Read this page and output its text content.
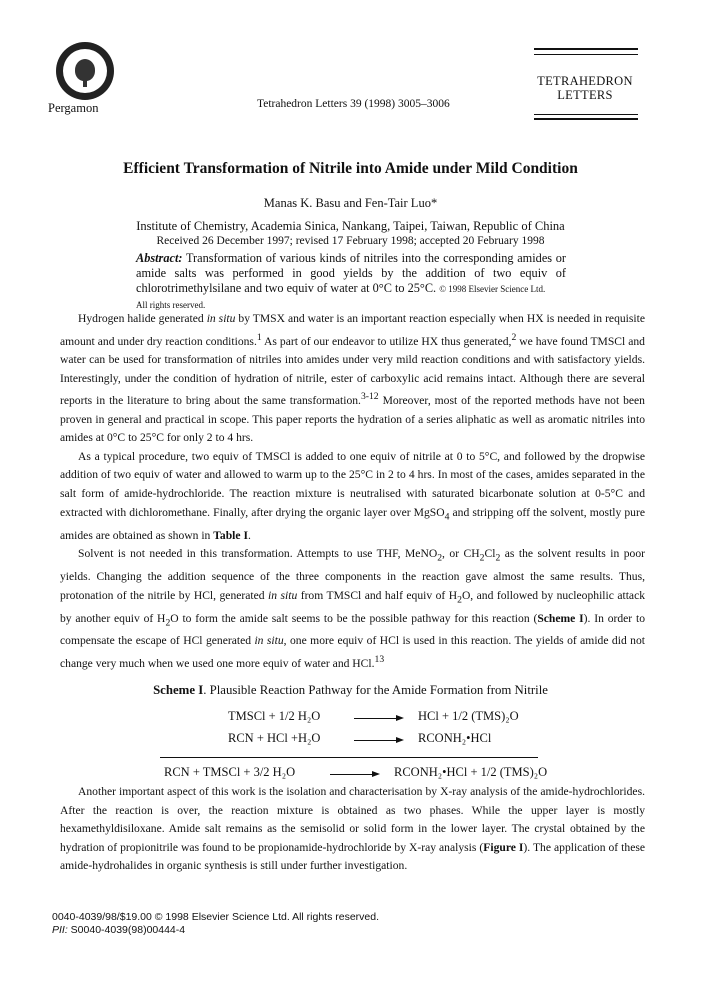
Pergamon	Tetrahedron Letters 39 (1998) 3005–3006
TETRAHEDRON
LETTERS
Efficient Transformation of Nitrile into Amide under Mild Condition
Manas K. Basu and Fen-Tair Luo*
Institute of Chemistry, Academia Sinica, Nankang, Taipei, Taiwan, Republic of China
Received 26 December 1997; revised 17 February 1998; accepted 20 February 1998
Abstract: Transformation of various kinds of nitriles into the corresponding amides or amide salts was performed in good yields by the addition of two equiv of chlorotrimethylsilane and two equiv of water at 0°C to 25°C. © 1998 Elsevier Science Ltd.
All rights reserved.

Hydrogen halide generated in situ by TMSX and water is an important reaction especially when HX is needed in requisite amount and under dry reaction conditions.$^1$ As part of our endeavor to utilize HX thus generated,$^2$ we have found TMSCl and water can be used for transformation of nitriles into amides under very mild reaction conditions and with satisfactory yields. Interestingly, under the condition of hydration of nitrile, ester of carboxylic acid remains intact. Although there are several reports in the literature to bring about the same transformation.$^{3-12}$ Moreover, most of the reported methods have not been proven in general and practical in scope. This paper reports the hydration of a series aliphatic as well as aromatic nitriles into amides at 0°C to 25°C for only 2 to 4 hrs.

As a typical procedure, two equiv of TMSCl is added to one equiv of nitrile at 0 to 5°C, and followed by the dropwise addition of two equiv of water and allowed to warm up to the 25°C in 2 to 4 hrs. In most of the cases, amides separated in the salt form of amide-hydrochloride. The reaction mixture is neutralised with saturated bicarbonate solution at 0-5°C and extracted with dichloromethane. Finally, after drying the organic layer over MgSO$_4$ and stripping off the solvent, mostly pure amides are obtained as shown in Table I.

Solvent is not needed in this transformation. Attempts to use THF, MeNO$_2$, or $CH_2Cl_2$ as the solvent results in poor yields. Changing the addition sequence of the three components in the reaction gave almost the same results. Thus, protonation of the nitrile by HCl, generated in situ from TMSCl and half equiv of $H_2O$, and followed by nucleophilic attack by another equiv of $H_2O$ to form the amide salt seems to be the possible pathway for this reaction (Scheme I). In order to compensate the escape of HCl generated in situ, one more equiv of HCl is used in this reaction. The yields of amide did not change very much when we used one more equiv of water and HCl.$^{13}$

Scheme I. Plausible Reaction Pathway for the Amide Formation from Nitrile
TMSCl + 1/2 H₂O	HCl + 1/2 (TMS)₂O
RCN + HCl +H₂O	RCONH₂•HCl
RCN + TMSCl + 3/2 H₂O	RCONH₂•HCl + 1/2 (TMS)₂O

Another important aspect of this work is the isolation and characterisation by X-ray analysis of the amide-hydrochlorides. After the reaction is over, the reaction mixture is obtained as two phases. While the upper layer is mostly hexamethyldisiloxane. Amide salt remains as the semisolid or solid form in the lower layer. The crystal obtained by the hydration of propionitrile was found to be propionamide-hydrochloride by X-ray analysis (Figure I). The application of these amide-hydrohalides in organic synthesis is still under further investigation.

0040-4039/98/$19.00 © 1998 Elsevier Science Ltd. All rights reserved.
PII: S0040-4039(98)00444-4
